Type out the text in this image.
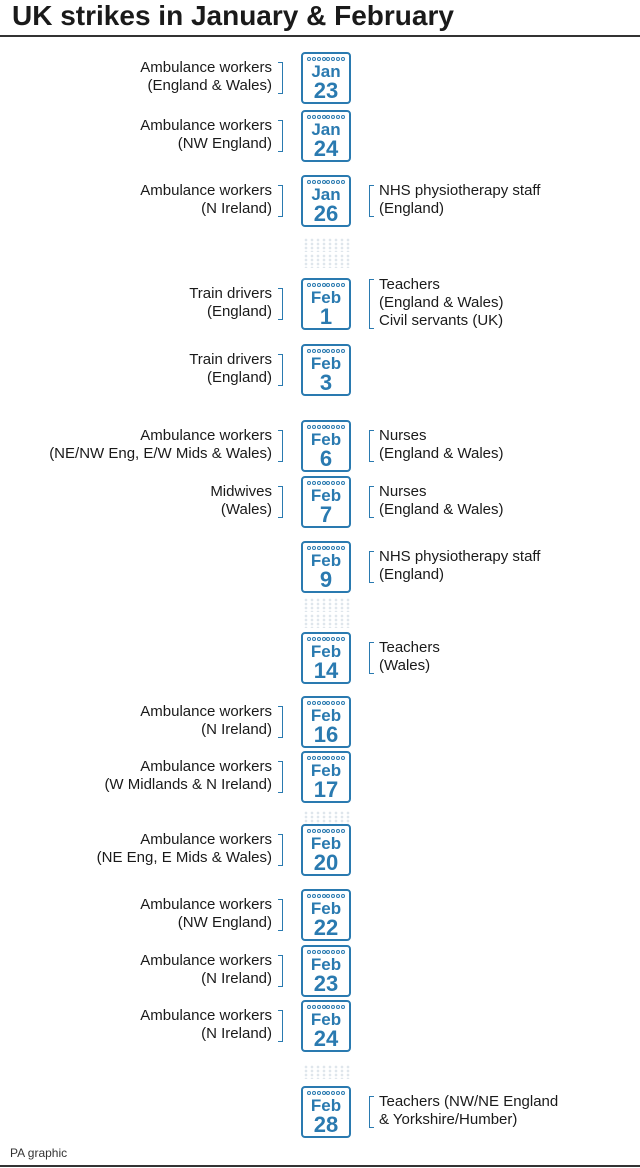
UK strikes in January & February
Jan
23
Ambulance workers
(England & Wales)
Jan
24
Ambulance workers
(NW England)
Jan
26
Ambulance workers
(N Ireland)
NHS physiotherapy staff
(England)
Feb
1
Train drivers
(England)
Teachers
(England & Wales)
Civil servants (UK)
Feb
3
Train drivers
(England)
Feb
6
Ambulance workers
(NE/NW Eng, E/W Mids & Wales)
Nurses
(England & Wales)
Feb
7
Midwives
(Wales)
Nurses
(England & Wales)
Feb
9
NHS physiotherapy staff
(England)
Feb
14
Teachers
(Wales)
Feb
16
Ambulance workers
(N Ireland)
Feb
17
Ambulance workers
(W Midlands & N Ireland)
Feb
20
Ambulance workers
(NE Eng, E Mids & Wales)
Feb
22
Ambulance workers
(NW England)
Feb
23
Ambulance workers
(N Ireland)
Feb
24
Ambulance workers
(N Ireland)
Feb
28
Teachers (NW/NE England
& Yorkshire/Humber)
PA graphic
